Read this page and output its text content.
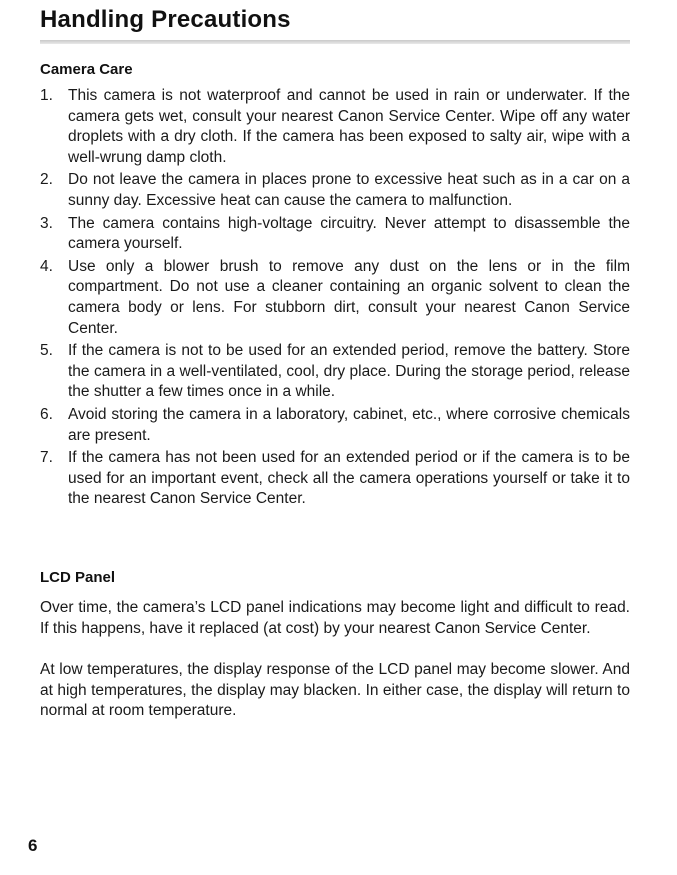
Handling Precautions
Camera Care
1. This camera is not waterproof and cannot be used in rain or underwater. If the camera gets wet, consult your nearest Canon Service Center. Wipe off any water droplets with a dry cloth. If the camera has been exposed to salty air, wipe with a well-wrung damp cloth.
2. Do not leave the camera in places prone to excessive heat such as in a car on a sunny day. Excessive heat can cause the camera to malfunction.
3. The camera contains high-voltage circuitry. Never attempt to disassemble the camera yourself.
4. Use only a blower brush to remove any dust on the lens or in the film compartment. Do not use a cleaner containing an organic solvent to clean the camera body or lens. For stubborn dirt, consult your nearest Canon Service Center.
5. If the camera is not to be used for an extended period, remove the battery. Store the camera in a well-ventilated, cool, dry place. During the storage period, release the shutter a few times once in a while.
6. Avoid storing the camera in a laboratory, cabinet, etc., where corrosive chemicals are present.
7. If the camera has not been used for an extended period or if the camera is to be used for an important event, check all the camera operations yourself or take it to the nearest Canon Service Center.
LCD Panel

Over time, the camera’s LCD panel indications may become light and difficult to read. If this happens, have it replaced (at cost) by your nearest Canon Service Center.

At low temperatures, the display response of the LCD panel may become slower. And at high temperatures, the display may blacken. In either case, the display will return to normal at room temperature.

6
